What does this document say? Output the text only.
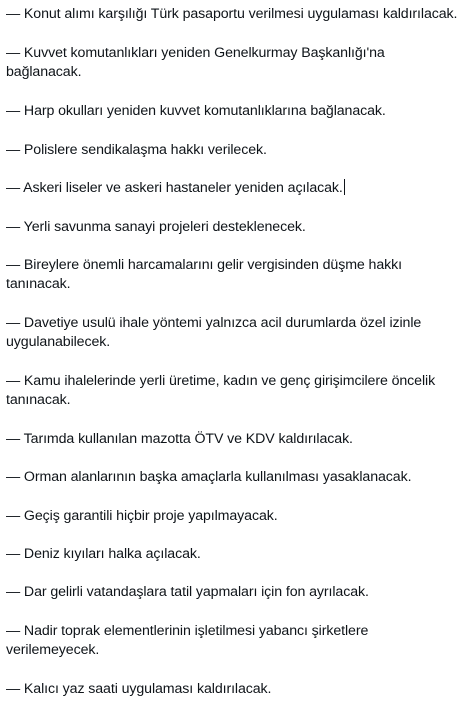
— Konut alımı karşılığı Türk pasaportu verilmesi uygulaması kaldırılacak.
— Kuvvet komutanlıkları yeniden Genelkurmay Başkanlığı'na bağlanacak.
— Harp okulları yeniden kuvvet komutanlıklarına bağlanacak.
— Polislere sendikalaşma hakkı verilecek.
— Askeri liseler ve askeri hastaneler yeniden açılacak.
— Yerli savunma sanayi projeleri desteklenecek.
— Bireylere önemli harcamalarını gelir vergisinden düşme hakkı tanınacak.
— Davetiye usulü ihale yöntemi yalnızca acil durumlarda özel izinle uygulanabilecek.
— Kamu ihalelerinde yerli üretime, kadın ve genç girişimcilere öncelik tanınacak.
— Tarımda kullanılan mazotta ÖTV ve KDV kaldırılacak.
— Orman alanlarının başka amaçlarla kullanılması yasaklanacak.
— Geçiş garantili hiçbir proje yapılmayacak.
— Deniz kıyıları halka açılacak.
— Dar gelirli vatandaşlara tatil yapmaları için fon ayrılacak.
— Nadir toprak elementlerinin işletilmesi yabancı şirketlere verilemeyecek.
— Kalıcı yaz saati uygulaması kaldırılacak.
